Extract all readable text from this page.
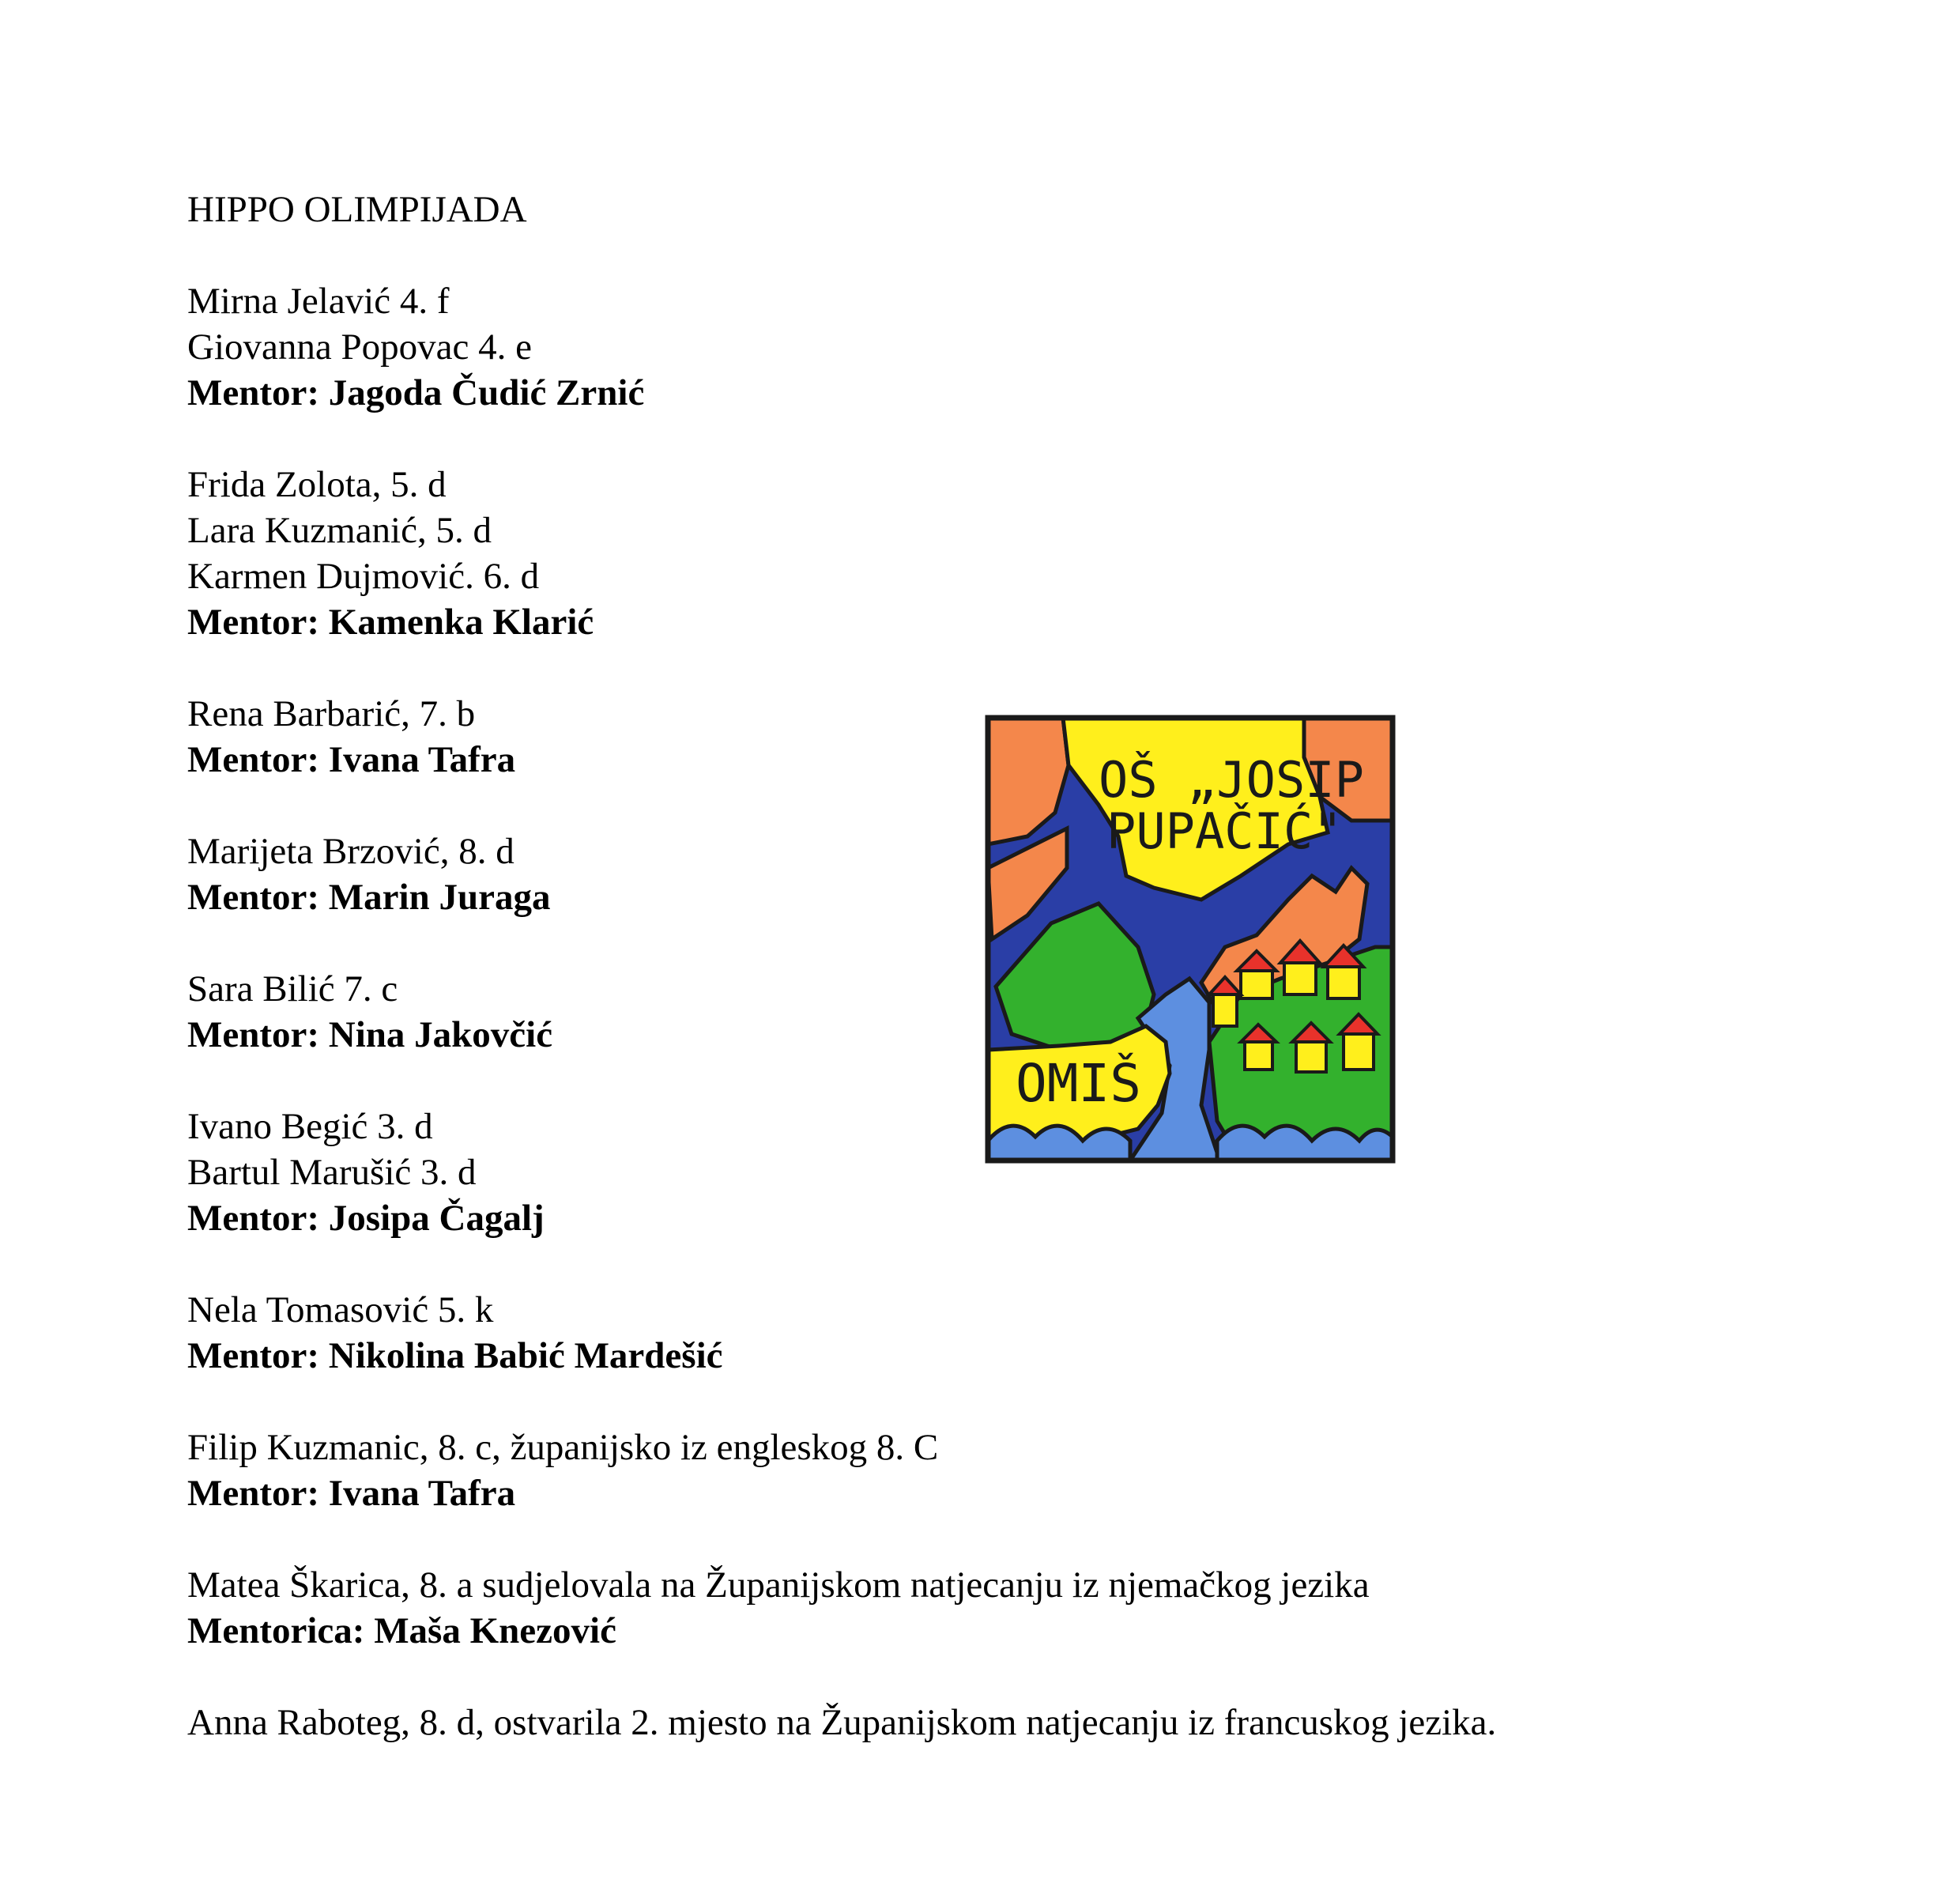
HIPPO OLIMPIJADA
Mirna Jelavić 4. f
Giovanna Popovac 4. e
Mentor: Jagoda Čudić Zrnić
Frida Zolota, 5. d
Lara Kuzmanić, 5. d
Karmen Dujmović. 6. d
Mentor: Kamenka Klarić
Rena Barbarić, 7. b
Mentor: Ivana Tafra
Marijeta Brzović, 8. d
Mentor: Marin Juraga
Sara Bilić 7. c
Mentor: Nina Jakovčić
Ivano Begić 3. d
Bartul Marušić 3. d
Mentor: Josipa Čagalj
Nela Tomasović 5. k
Mentor: Nikolina Babić Mardešić
Filip Kuzmanic, 8. c, županijsko iz engleskog 8. C
Mentor: Ivana Tafra
Matea Škarica, 8. a sudjelovala na Županijskom natjecanju iz njemačkog jezika
Mentorica: Maša Knezović
Anna Raboteg, 8. d, ostvarila 2. mjesto na Županijskom natjecanju iz francuskog jezika.
OŠ „JOSIP
PUPAČIĆ"
OMIŠ
